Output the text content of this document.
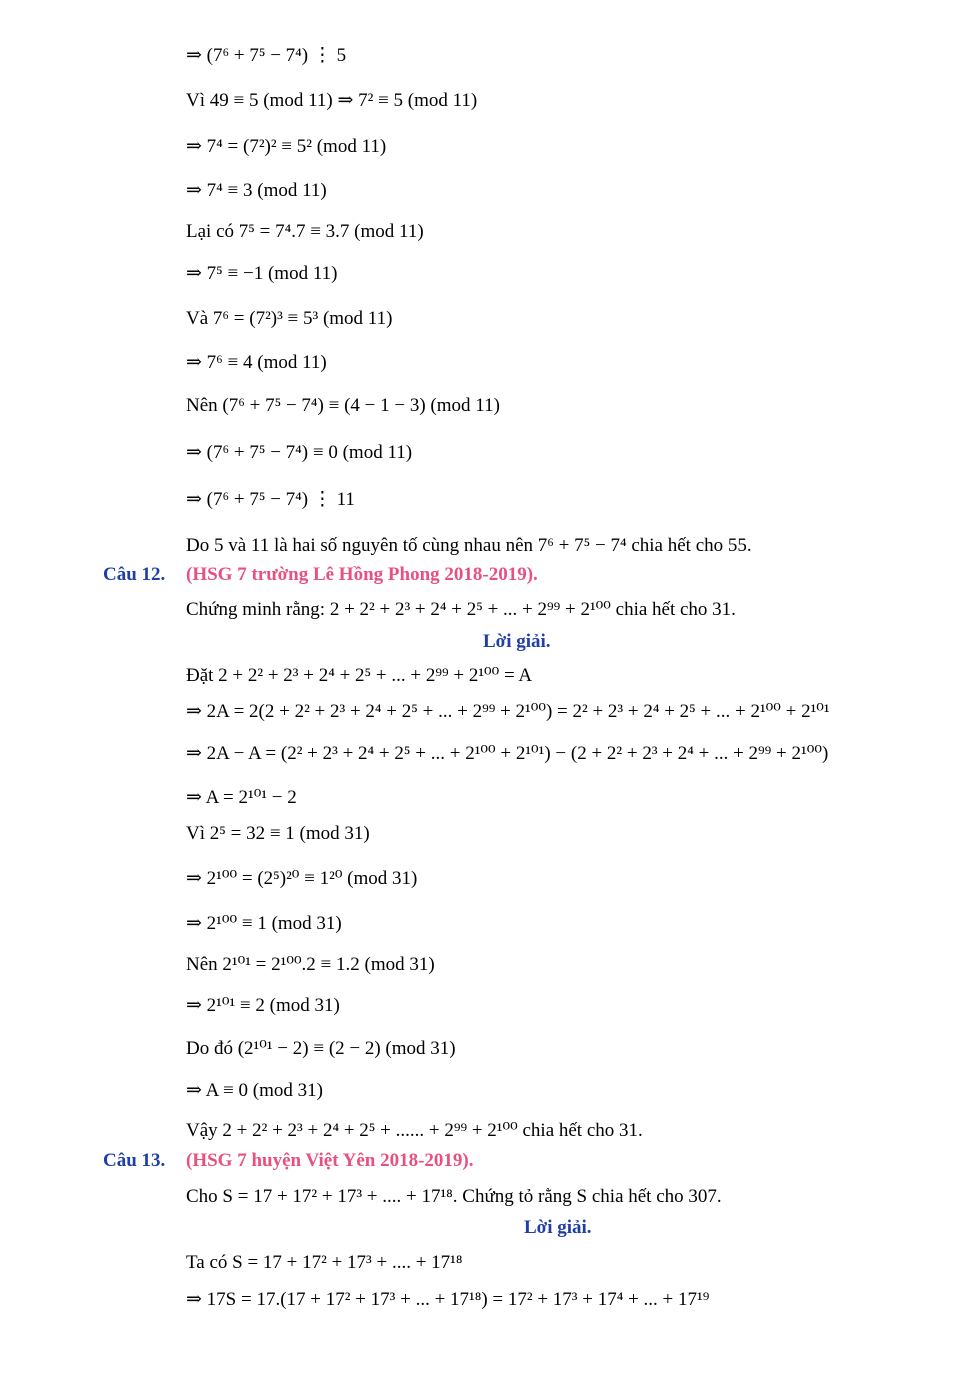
⇒ (7⁶ + 7⁵ − 7⁴) ⋮ 5
Vì 49 ≡ 5 (mod 11) ⇒ 7² ≡ 5 (mod 11)
⇒ 7⁴ = (7²)² ≡ 5² (mod 11)
⇒ 7⁴ ≡ 3 (mod 11)
Lại có 7⁵ = 7⁴.7 ≡ 3.7 (mod 11)
⇒ 7⁵ ≡ −1 (mod 11)
Và 7⁶ = (7²)³ ≡ 5³ (mod 11)
⇒ 7⁶ ≡ 4 (mod 11)
Nên (7⁶ + 7⁵ − 7⁴) ≡ (4 − 1 − 3) (mod 11)
⇒ (7⁶ + 7⁵ − 7⁴) ≡ 0 (mod 11)
⇒ (7⁶ + 7⁵ − 7⁴) ⋮ 11
Do 5 và 11 là hai số nguyên tố cùng nhau nên 7⁶ + 7⁵ − 7⁴ chia hết cho 55.
Câu 12. (HSG 7 trường Lê Hồng Phong 2018-2019).
Chứng minh rằng: 2 + 2² + 2³ + 2⁴ + 2⁵ + ... + 2⁹⁹ + 2¹⁰⁰ chia hết cho 31.
Lời giải.
Đặt 2 + 2² + 2³ + 2⁴ + 2⁵ + ... + 2⁹⁹ + 2¹⁰⁰ = A
⇒ 2A = 2(2 + 2² + 2³ + 2⁴ + 2⁵ + ... + 2⁹⁹ + 2¹⁰⁰) = 2² + 2³ + 2⁴ + 2⁵ + ... + 2¹⁰⁰ + 2¹⁰¹
⇒ 2A − A = (2² + 2³ + 2⁴ + 2⁵ + ... + 2¹⁰⁰ + 2¹⁰¹) − (2 + 2² + 2³ + 2⁴ + ... + 2⁹⁹ + 2¹⁰⁰)
⇒ A = 2¹⁰¹ − 2
Vì 2⁵ = 32 ≡ 1 (mod 31)
⇒ 2¹⁰⁰ = (2⁵)²⁰ ≡ 1²⁰ (mod 31)
⇒ 2¹⁰⁰ ≡ 1 (mod 31)
Nên 2¹⁰¹ = 2¹⁰⁰.2 ≡ 1.2 (mod 31)
⇒ 2¹⁰¹ ≡ 2 (mod 31)
Do đó (2¹⁰¹ − 2) ≡ (2 − 2) (mod 31)
⇒ A ≡ 0 (mod 31)
Vậy 2 + 2² + 2³ + 2⁴ + 2⁵ + ...... + 2⁹⁹ + 2¹⁰⁰ chia hết cho 31.
Câu 13. (HSG 7 huyện Việt Yên 2018-2019).
Cho S = 17 + 17² + 17³ + .... + 17¹⁸. Chứng tỏ rằng S chia hết cho 307.
Lời giải.
Ta có S = 17 + 17² + 17³ + .... + 17¹⁸
⇒ 17S = 17.(17 + 17² + 17³ + ... + 17¹⁸) = 17² + 17³ + 17⁴ + ... + 17¹⁹
